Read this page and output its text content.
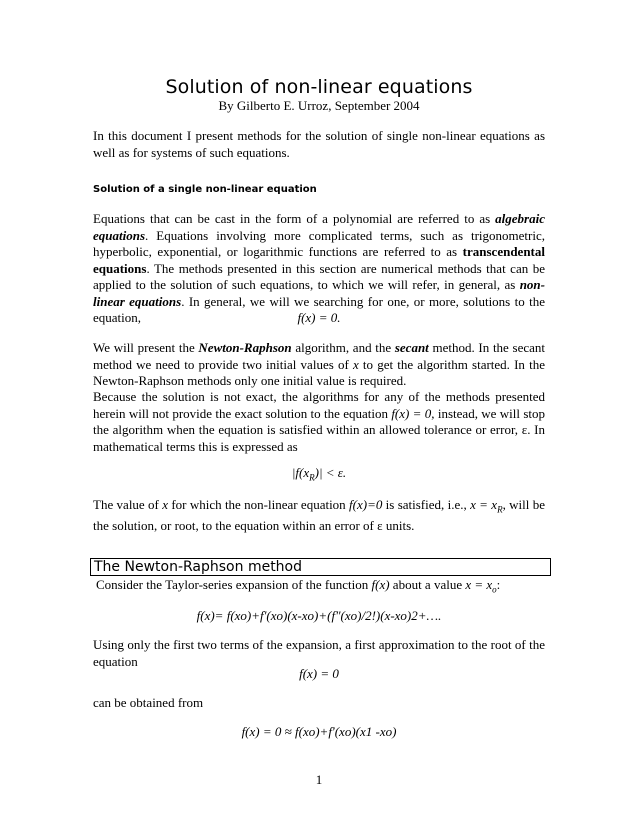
Solution of non-linear equations
By Gilberto E. Urroz, September 2004
In this document I present methods for the solution of single non-linear equations as well as for systems of such equations.
Solution of a single non-linear equation
Equations that can be cast in the form of a polynomial are referred to as algebraic equations. Equations involving more complicated terms, such as trigonometric, hyperbolic, exponential, or logarithmic functions are referred to as transcendental equations. The methods presented in this section are numerical methods that can be applied to the solution of such equations, to which we will refer, in general, as non-linear equations. In general, we will we searching for one, or more, solutions to the equation,	f(x) = 0.
We will present the Newton-Raphson algorithm, and the secant method. In the secant method we need to provide two initial values of x to get the algorithm started. In the Newton-Raphson methods only one initial value is required.
Because the solution is not exact, the algorithms for any of the methods presented herein will not provide the exact solution to the equation f(x) = 0, instead, we will stop the algorithm when the equation is satisfied within an allowed tolerance or error, ε. In mathematical terms this is expressed as
$|f(x_R)| < \varepsilon$.
The value of x for which the non-linear equation f(x)=0 is satisfied, i.e., $x = x_R$, will be the solution, or root, to the equation within an error of ε units.
The Newton-Raphson method
Consider the Taylor-series expansion of the function f(x) about a value $x = x_o$:
f(x)= f(xo)+f'(xo)(x-xo)+(f"(xo)/2!)(x-xo)2+….
Using only the first two terms of the expansion, a first approximation to the root of the equation
f(x) = 0
can be obtained from
f(x) = 0 ≈ f(xo)+f'(xo)(x1 -xo)
1
